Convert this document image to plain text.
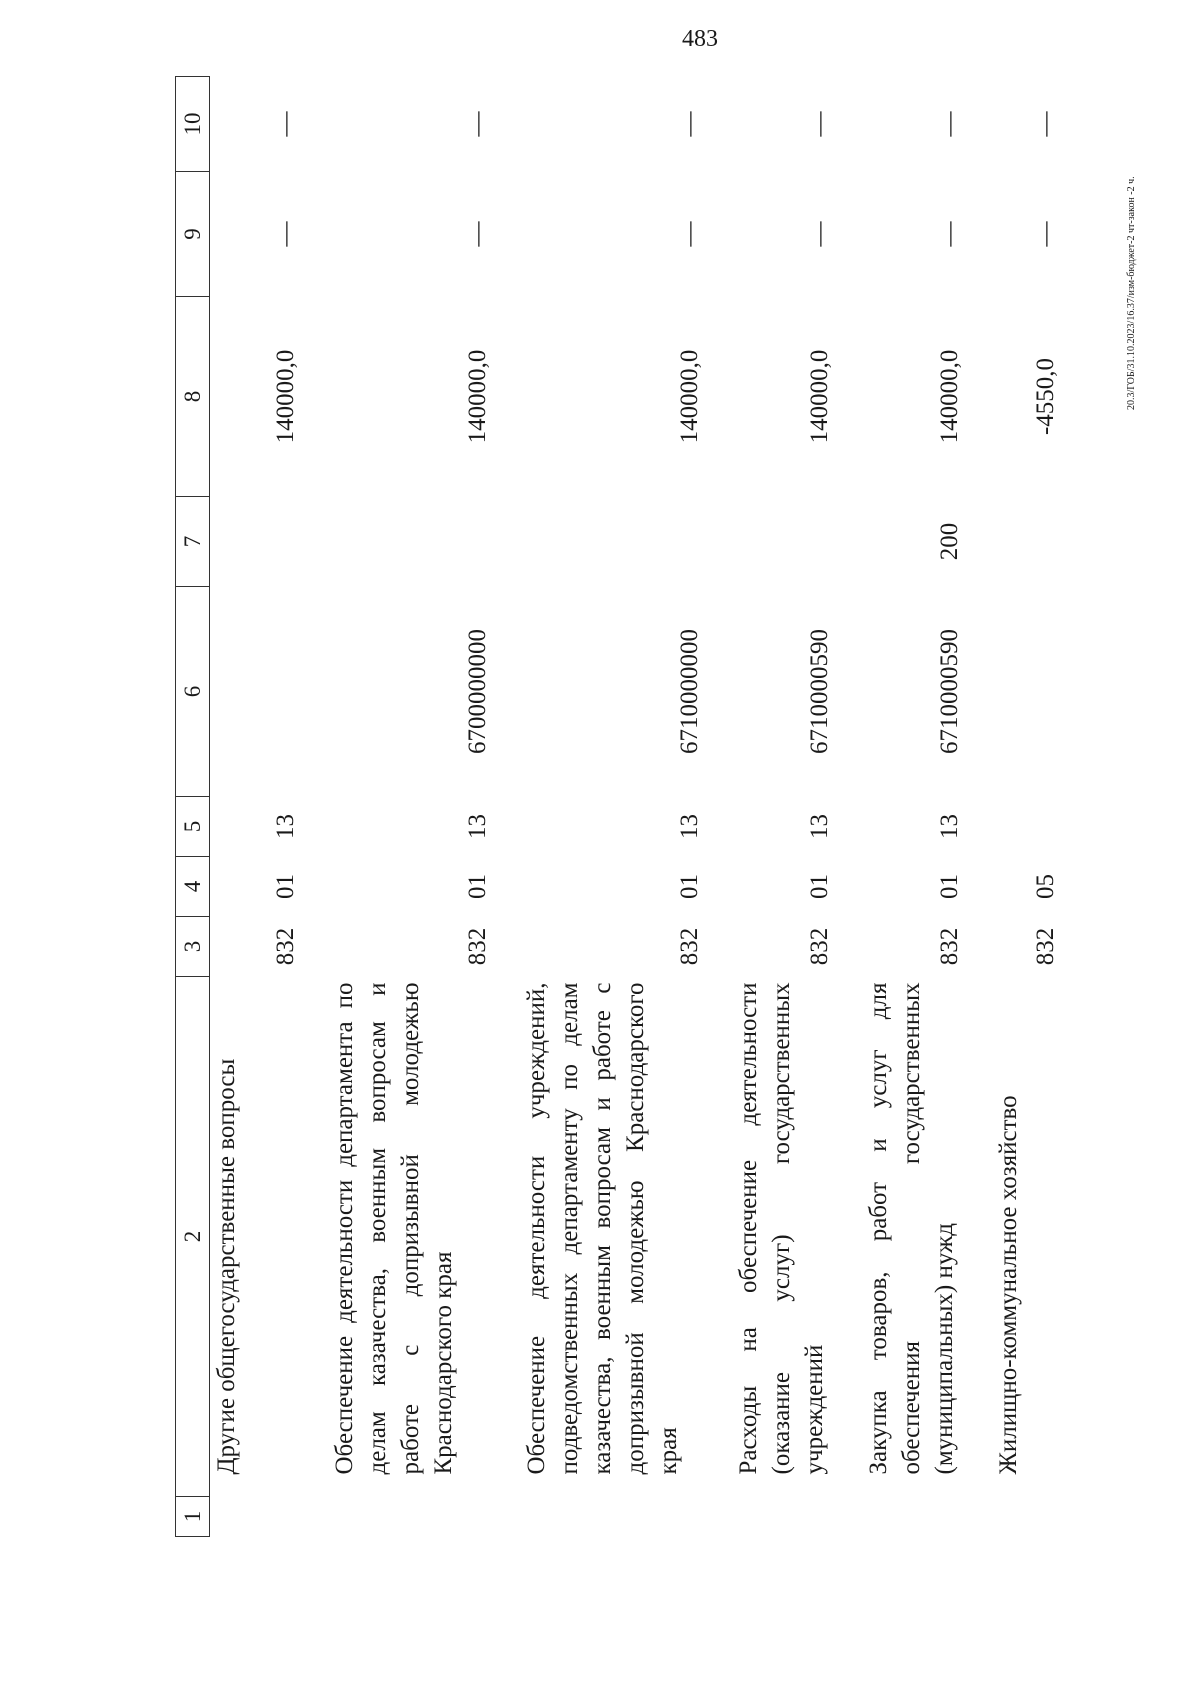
483
20.3/ГОБ/31.10.2023/16.37/изм-бюджет-2 чт-закон -2 ч.
1	2	3	4	5	6	7	8	9	10
	Другие общегосударственные вопросы	832	01	13			140000,0	—	—
	Обеспечение деятельности департамента по делам казачества, военным вопросам и работе с допризывной молодежью Краснодарского края	832	01	13	6700000000		140000,0	—	—
	Обеспечение деятельности учреждений, подведомственных департаменту по делам казачества, военным вопросам и работе с допризывной молодежью Краснодарского края	832	01	13	6710000000		140000,0	—	—
	Расходы на обеспечение деятельности (оказание услуг) государственных учреждений	832	01	13	6710000590		140000,0	—	—
	Закупка товаров, работ и услуг для обеспечения государственных (муниципальных) нужд	832	01	13	6710000590	200	140000,0	—	—
	Жилищно-коммунальное хозяйство	832	05				-4550,0	—	—
